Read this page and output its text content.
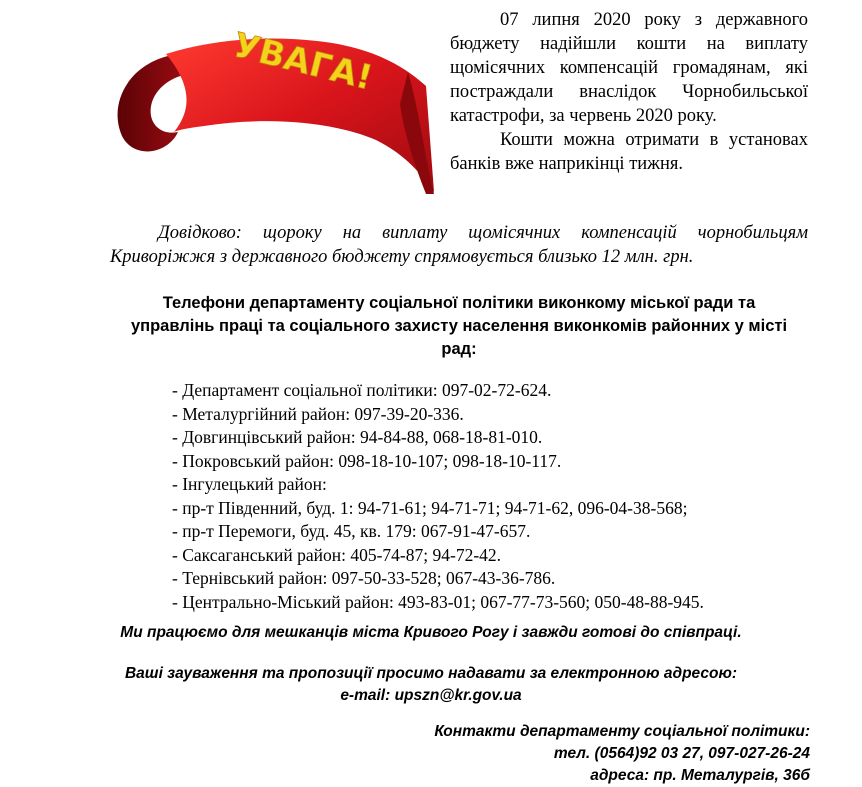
УВАГА!

07 липня 2020 року з державного бюджету надійшли кошти на виплату щомісячних компенсацій громадянам, які постраждали внаслідок Чорнобильської катастрофи, за червень 2020 року.

Кошти можна отримати в установах банків вже наприкінці тижня.

Довідково: щороку на виплату щомісячних компенсацій чорнобильцям Криворіжжя з державного бюджету спрямовується близько 12 млн. грн.
Телефони департаменту соціальної політики виконкому міської ради та управлінь праці та соціального захисту населення виконкомів районних у місті рад:
- Департамент соціальної політики: 097-02-72-624.
- Металургійний район: 097-39-20-336.
- Довгинцівський район: 94-84-88, 068-18-81-010.
- Покровський район: 098-18-10-107; 098-18-10-117.
- Інгулецький район:
- пр-т Південний, буд. 1: 94-71-61; 94-71-71; 94-71-62, 096-04-38-568;
- пр-т Перемоги, буд. 45, кв. 179: 067-91-47-657.
- Саксаганський район: 405-74-87; 94-72-42.
- Тернівський район: 097-50-33-528; 067-43-36-786.
- Центрально-Міський район: 493-83-01; 067-77-73-560; 050-48-88-945.
Ми працюємо для мешканців міста Кривого Рогу і завжди готові до співпраці.
Ваші зауваження та пропозиції просимо надавати за електронною адресою:
e-mail: upszn@kr.gov.ua
Контакти департаменту соціальної політики:
тел. (0564)92 03 27, 097-027-26-24
адреса: пр. Металургів, 36б
